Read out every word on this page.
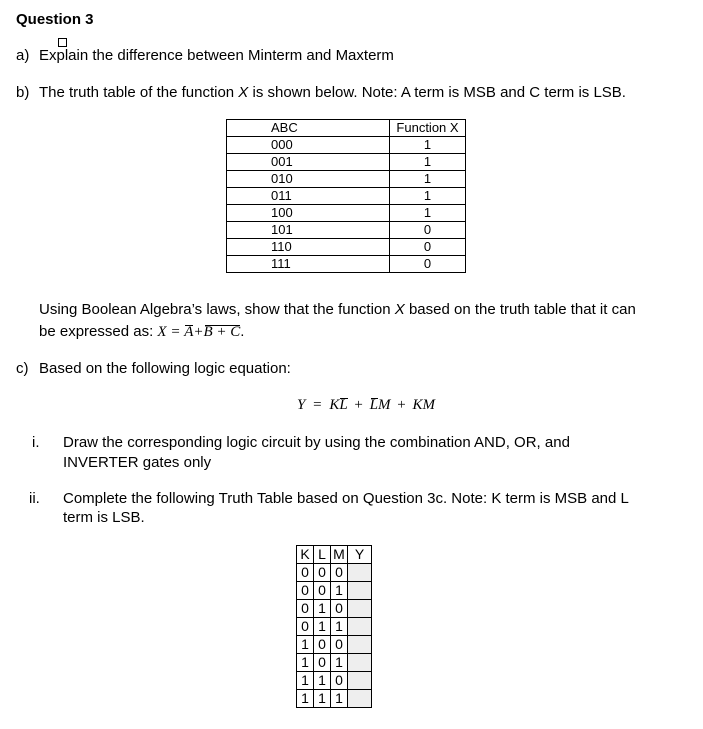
Question 3
a) Explain the difference between Minterm and Maxterm
b) The truth table of the function X is shown below. Note: A term is MSB and C term is LSB.
ABC	Function X
000	1
001	1
010	1
011	1
100	1
101	0
110	0
111	0
Using Boolean Algebra’s laws, show that the function X based on the truth table that it can
be expressed as: X = A+B + C.
c) Based on the following logic equation:
Y = KL + LM + KM
i. Draw the corresponding logic circuit by using the combination AND, OR, and
INVERTER gates only
ii. Complete the following Truth Table based on Question 3c. Note: K term is MSB and L
term is LSB.
K	L	M	Y
0	0	0	
0	0	1	
0	1	0	
0	1	1	
1	0	0	
1	0	1	
1	1	0	
1	1	1	
